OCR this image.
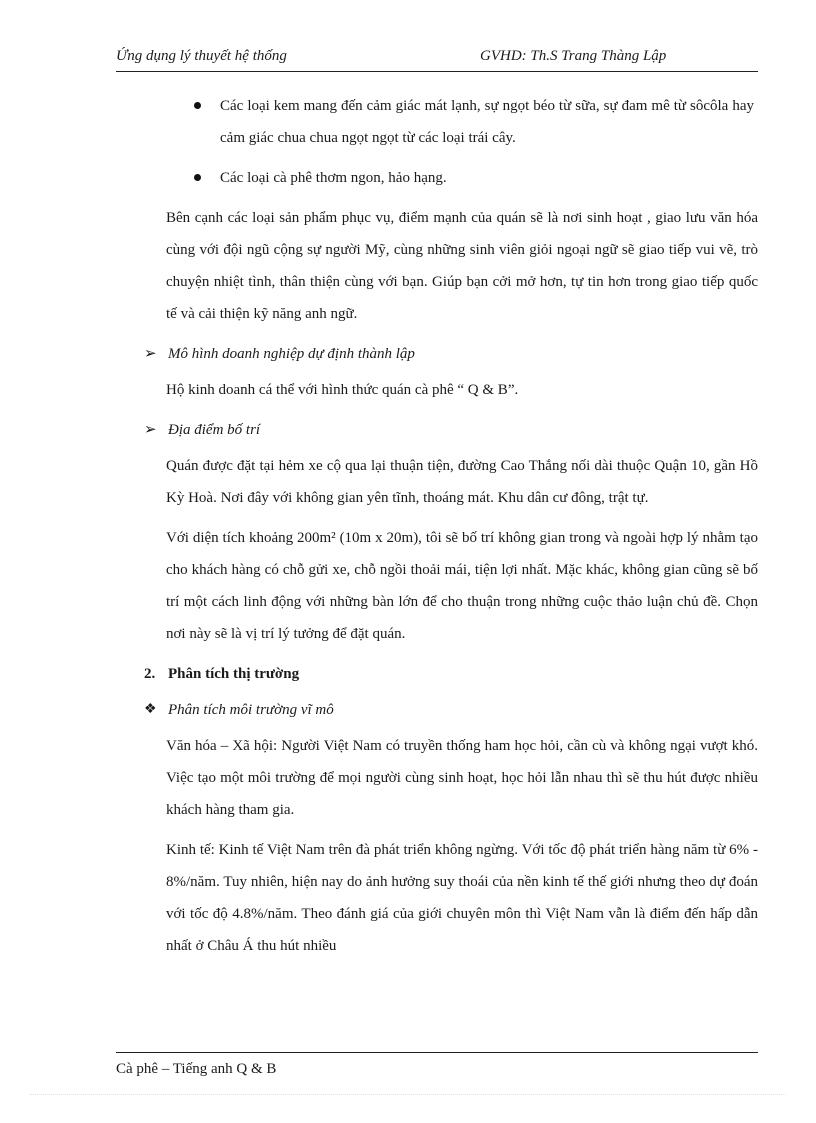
Ứng dụng lý thuyết hệ thống	GVHD: Th.S Trang Thàng Lập
Các loại kem mang đến cảm giác mát lạnh, sự ngọt béo từ sữa, sự đam mê từ sôcôla hay cảm giác chua chua ngọt ngọt từ các loại trái cây.
Các loại cà phê thơm ngon, hảo hạng.
Bên cạnh các loại sản phẩm phục vụ, điểm mạnh của quán sẽ là nơi sinh hoạt , giao lưu văn hóa cùng với đội ngũ cộng sự người Mỹ, cùng những sinh viên giỏi ngoại ngữ sẽ giao tiếp vui vẽ, trò chuyện nhiệt tình, thân thiện cùng với bạn. Giúp bạn cởi mở hơn, tự tin hơn trong giao tiếp quốc tế và cải thiện kỹ năng anh ngữ.
➢ Mô hình doanh nghiệp dự định thành lập
Hộ kinh doanh cá thể với hình thức quán cà phê “ Q & B”.
➢ Địa điểm bố trí
Quán được đặt tại hẻm xe cộ qua lại thuận tiện, đường Cao Thắng nối dài thuộc Quận 10, gần Hồ Kỳ Hoà. Nơi đây với không gian yên tĩnh, thoáng mát. Khu dân cư đông, trật tự.
Với diện tích khoảng 200m² (10m x 20m), tôi sẽ bố trí không gian trong và ngoài hợp lý nhằm tạo cho khách hàng có chỗ gửi xe, chỗ ngồi thoải mái, tiện lợi nhất. Mặc khác, không gian cũng sẽ bố trí một cách linh động với những bàn lớn để cho thuận trong những cuộc thảo luận chủ đề. Chọn nơi này sẽ là vị trí lý tưởng để đặt quán.
2. Phân tích thị trường
❖ Phân tích môi trường vĩ mô
Văn hóa – Xã hội: Người Việt Nam có truyền thống ham học hỏi, cần cù và không ngại vượt khó. Việc tạo một môi trường để mọi người cùng sinh hoạt, học hỏi lẫn nhau thì sẽ thu hút được nhiều khách hàng tham gia.
Kinh tế: Kinh tế Việt Nam trên đà phát triển không ngừng. Với tốc độ phát triển hàng năm từ 6% - 8%/năm. Tuy nhiên, hiện nay do ảnh hưởng suy thoái của nền kinh tế thế giới nhưng theo dự đoán với tốc độ 4.8%/năm. Theo đánh giá của giới chuyên môn thì Việt Nam vẫn là điểm đến hấp dẫn nhất ở Châu Á thu hút nhiều
Cà phê – Tiếng anh Q & B
